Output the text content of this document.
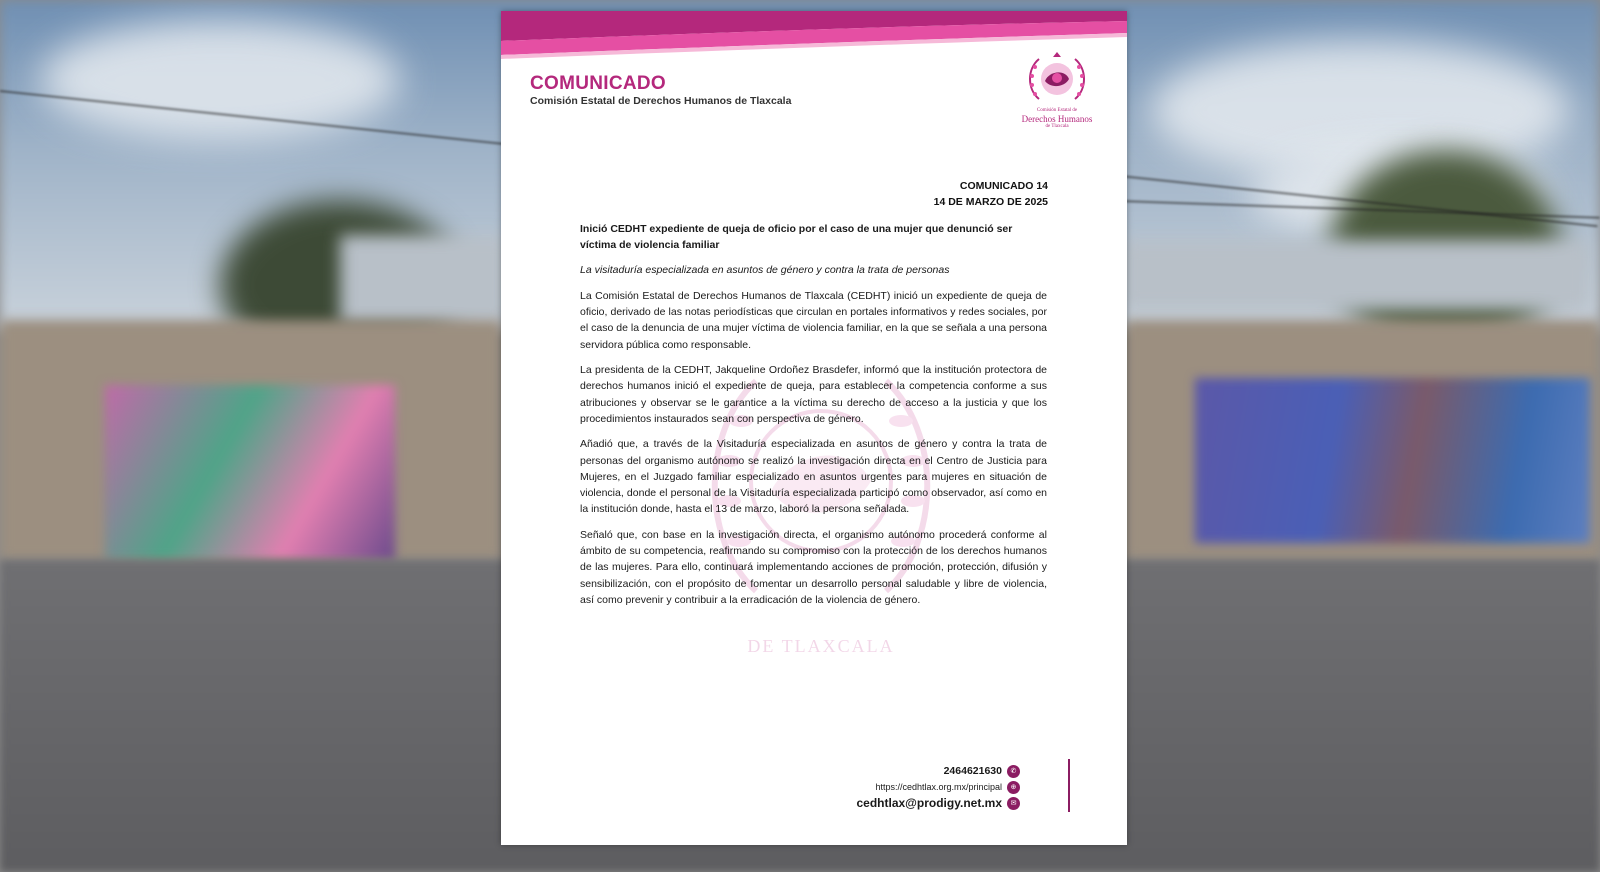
COMUNICADO
Comisión Estatal de Derechos Humanos de Tlaxcala
Comisión Estatal de
Derechos Humanos
de Tlaxcala
DE TLAXCALA
COMUNICADO 14
14 DE MARZO DE 2025
Inició CEDHT expediente de queja de oficio por el caso de una mujer que denunció ser víctima de violencia familiar
La visitaduría especializada en asuntos de género y contra la trata de personas

La Comisión Estatal de Derechos Humanos de Tlaxcala (CEDHT) inició un expediente de queja de oficio, derivado de las notas periodísticas que circulan en portales informativos y redes sociales, por el caso de la denuncia de una mujer víctima de violencia familiar, en la que se señala a una persona servidora pública como responsable.

La presidenta de la CEDHT, Jakqueline Ordoñez Brasdefer, informó que la institución protectora de derechos humanos inició el expediente de queja, para establecer la competencia conforme a sus atribuciones y observar se le garantice a la víctima su derecho de acceso a la justicia y que los procedimientos instaurados sean con perspectiva de género.

Añadió que, a través de la Visitaduría especializada en asuntos de género y contra la trata de personas del organismo autónomo se realizó la investigación directa en el Centro de Justicia para Mujeres, en el Juzgado familiar especializado en asuntos urgentes para mujeres en situación de violencia, donde el personal de la Visitaduría especializada participó como observador, así como en la institución donde, hasta el 13 de marzo, laboró la persona señalada.

Señaló que, con base en la investigación directa, el organismo autónomo procederá conforme al ámbito de su competencia, reafirmando su compromiso con la protección de los derechos humanos de las mujeres. Para ello, continuará implementando acciones de promoción, protección, difusión y sensibilización, con el propósito de fomentar un desarrollo personal saludable y libre de violencia, así como prevenir y contribuir a la erradicación de la violencia de género.

2464621630	✆
https://cedhtlax.org.mx/principal	⊕
cedhtlax@prodigy.net.mx	✉
